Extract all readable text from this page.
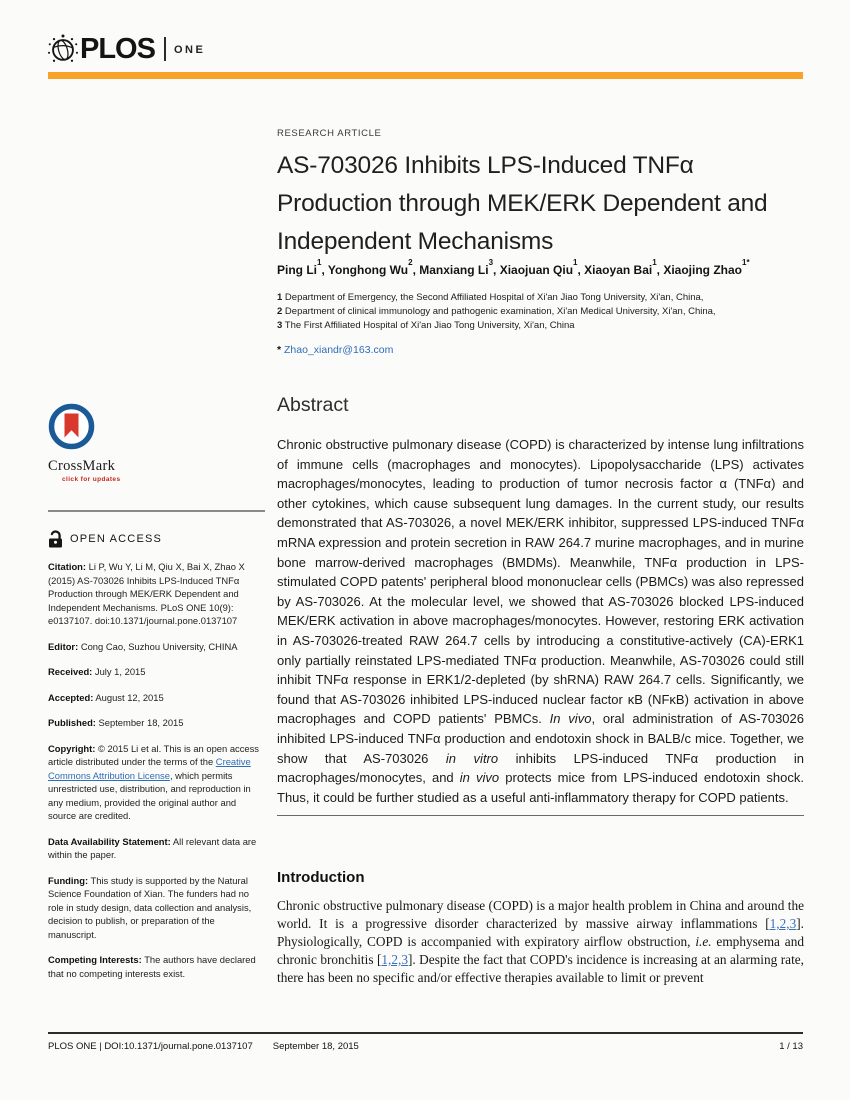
PLOS ONE
RESEARCH ARTICLE
AS-703026 Inhibits LPS-Induced TNFα Production through MEK/ERK Dependent and Independent Mechanisms
Ping Li$^1$, Yonghong Wu$^2$, Manxiang Li$^3$, Xiaojuan Qiu$^1$, Xiaoyan Bai$^1$, Xiaojing Zhao$^{1*}$
1 Department of Emergency, the Second Affiliated Hospital of Xi'an Jiao Tong University, Xi'an, China,
2 Department of clinical immunology and pathogenic examination, Xi'an Medical University, Xi'an, China,
3 The First Affiliated Hospital of Xi'an Jiao Tong University, Xi'an, China
* Zhao_xiandr@163.com
Abstract

Chronic obstructive pulmonary disease (COPD) is characterized by intense lung infiltrations of immune cells (macrophages and monocytes). Lipopolysaccharide (LPS) activates macrophages/monocytes, leading to production of tumor necrosis factor α (TNFα) and other cytokines, which cause subsequent lung damages. In the current study, our results demonstrated that AS-703026, a novel MEK/ERK inhibitor, suppressed LPS-induced TNFα mRNA expression and protein secretion in RAW 264.7 murine macrophages, and in murine bone marrow-derived macrophages (BMDMs). Meanwhile, TNFα production in LPS-stimulated COPD patents' peripheral blood mononuclear cells (PBMCs) was also repressed by AS-703026. At the molecular level, we showed that AS-703026 blocked LPS-induced MEK/ERK activation in above macrophages/monocytes. However, restoring ERK activation in AS-703026-treated RAW 264.7 cells by introducing a constitutive-actively (CA)-ERK1 only partially reinstated LPS-mediated TNFα production. Meanwhile, AS-703026 could still inhibit TNFα response in ERK1/2-depleted (by shRNA) RAW 264.7 cells. Significantly, we found that AS-703026 inhibited LPS-induced nuclear factor κB (NFκB) activation in above macrophages and COPD patients' PBMCs. In vivo, oral administration of AS-703026 inhibited LPS-induced TNFα production and endotoxin shock in BALB/c mice. Together, we show that AS-703026 in vitro inhibits LPS-induced TNFα production in macrophages/monocytes, and in vivo protects mice from LPS-induced endotoxin shock. Thus, it could be further studied as a useful anti-inflammatory therapy for COPD patients.

Introduction

Chronic obstructive pulmonary disease (COPD) is a major health problem in China and around the world. It is a progressive disorder characterized by massive airway inflammations [1,2,3]. Physiologically, COPD is accompanied with expiratory airflow obstruction, i.e. emphysema and chronic bronchitis [1,2,3]. Despite the fact that COPD's incidence is increasing at an alarming rate, there has been no specific and/or effective therapies available to limit or prevent

CrossMark
click for updates
OPEN ACCESS

Citation: Li P, Wu Y, Li M, Qiu X, Bai X, Zhao X (2015) AS-703026 Inhibits LPS-Induced TNFα Production through MEK/ERK Dependent and Independent Mechanisms. PLoS ONE 10(9): e0137107. doi:10.1371/journal.pone.0137107

Editor: Cong Cao, Suzhou University, CHINA

Received: July 1, 2015

Accepted: August 12, 2015

Published: September 18, 2015

Copyright: © 2015 Li et al. This is an open access article distributed under the terms of the Creative Commons Attribution License, which permits unrestricted use, distribution, and reproduction in any medium, provided the original author and source are credited.

Data Availability Statement: All relevant data are within the paper.

Funding: This study is supported by the Natural Science Foundation of Xian. The funders had no role in study design, data collection and analysis, decision to publish, or preparation of the manuscript.

Competing Interests: The authors have declared that no competing interests exist.

PLOS ONE | DOI:10.1371/journal.pone.0137107 September 18, 2015	1 / 13
